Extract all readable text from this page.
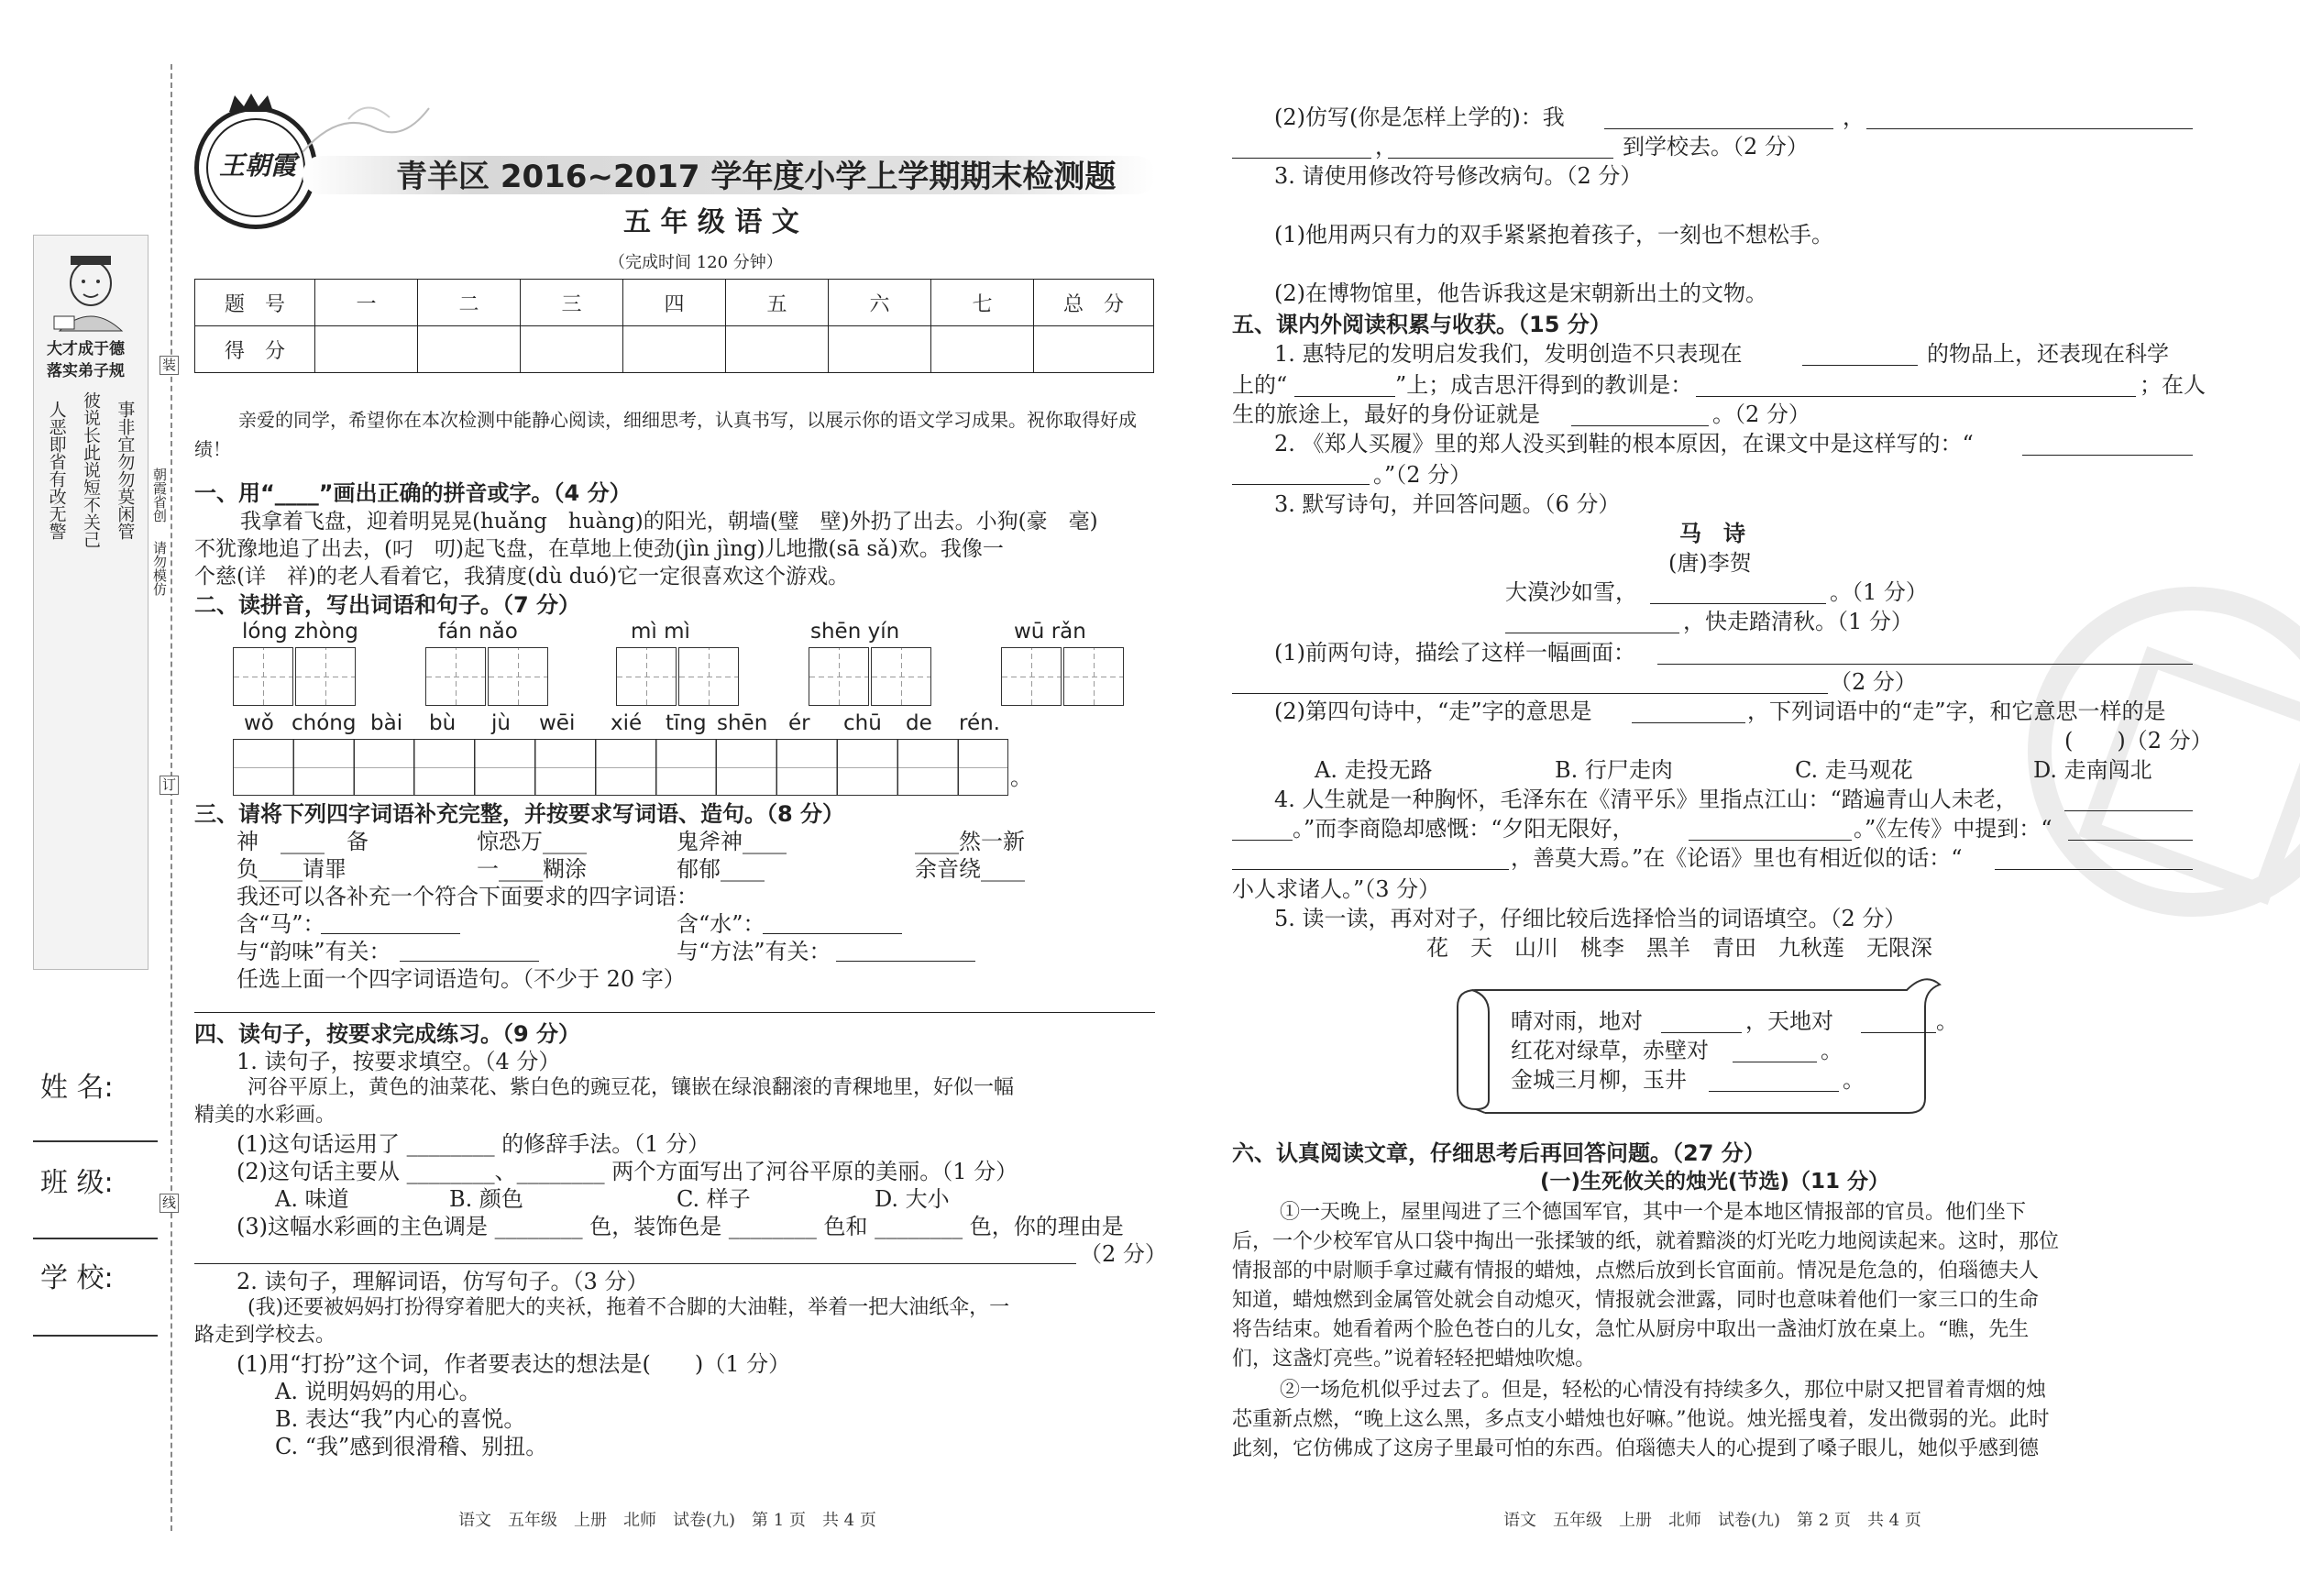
大才成于德
落实弟子规
人恶即省有改无警 彼说长此说短不关己 事非宜勿勿莫闲管 朝霞省创　 请勿模仿
装
订
线
姓 名:
班 级:
学 校:
王朝霞	青羊区 2016~2017 学年度小学上学期期末检测题
五 年 级 语 文
（完成时间 120 分钟）
题　号	一	二	三	四	五	六	七	总　分
得　分								
亲爱的同学，希望你在本次检测中能静心阅读，细细思考，认真书写，以展示你的语文学习成果。祝你取得好成绩！
一、用“____”画出正确的拼音或字。（4 分）
我拿着飞盘，迎着明晃晃(huǎng　huàng)的阳光，朝墙(璧　壁)外扔了出去。小狗(豪　毫)
不犹豫地追了出去，(叼　叨)起飞盘，在草地上使劲(jìn jìng)儿地撒(sā sǎ)欢。我像一
个慈(详　祥)的老人看着它，我猜度(dù duó)它一定很喜欢这个游戏。
二、读拼音，写出词语和句子。（7 分）
lóng zhòng	fán nǎo	mì mì	shēn yín	wū rǎn
wǒ chóng bài bù jù wēi xié tīng shēn ér chū de rén.
。
三、请将下列四字词语补充完整，并按要求写词语、造句。（8 分）
神　____　备	惊恐万____	鬼斧神____	____然一新
负____请罪	一____糊涂	郁郁____	余音绕____
我还可以各补充一个符合下面要求的四字词语：
含“马”：	含“水”：
与“韵味”有关：	与“方法”有关：
任选上面一个四字词语造句。（不少于 20 字）
四、读句子，按要求完成练习。（9 分）
1. 读句子，按要求填空。（4 分）
河谷平原上，黄色的油菜花、紫白色的豌豆花，镶嵌在绿浪翻滚的青稞地里，好似一幅
精美的水彩画。
(1)这句话运用了 ________ 的修辞手法。（1 分）
(2)这句话主要从 ________、________ 两个方面写出了河谷平原的美丽。（1 分）
A. 味道	B. 颜色	C. 样子	D. 大小
(3)这幅水彩画的主色调是 ________ 色，装饰色是 ________ 色和 ________ 色，你的理由是
（2 分）
2. 读句子，理解词语，仿写句子。（3 分）
(我)还要被妈妈打扮得穿着肥大的夹袄，拖着不合脚的大油鞋，举着一把大油纸伞，一
路走到学校去。
(1)用“打扮”这个词，作者要表达的想法是(　　)（1 分）
A. 说明妈妈的用心。
B. 表达“我”内心的喜悦。
C. “我”感到很滑稽、别扭。
语文　五年级　上册　北师　试卷(九)　第 1 页　共 4 页
(2)仿写(你是怎样上学的)：我	，
，	到学校去。（2 分）
3. 请使用修改符号修改病句。（2 分）
(1)他用两只有力的双手紧紧抱着孩子，一刻也不想松手。
(2)在博物馆里，他告诉我这是宋朝新出土的文物。
五、课内外阅读积累与收获。（15 分）
1. 惠特尼的发明启发我们，发明创造不只表现在	的物品上，还表现在科学
上的“	”上；成吉思汗得到的教训是：	；在人
生的旅途上，最好的身份证就是	。（2 分）
2. 《郑人买履》里的郑人没买到鞋的根本原因，在课文中是这样写的：“
。”（2 分）
3. 默写诗句，并回答问题。（6 分）
马　诗
(唐)李贺
大漠沙如雪，	。（1 分）
，快走踏清秋。（1 分）
(1)前两句诗，描绘了这样一幅画面：
（2 分）
(2)第四句诗中，“走”字的意思是	，下列词语中的“走”字，和它意思一样的是
(　　)（2 分）
A. 走投无路	B. 行尸走肉	C. 走马观花	D. 走南闯北
4. 人生就是一种胸怀，毛泽东在《清平乐》里指点江山：“踏遍青山人未老，
。”而李商隐却感慨：“夕阳无限好，	。”《左传》中提到：“
，善莫大焉。”在《论语》里也有相近似的话：“
小人求诸人。”（3 分）
5. 读一读，再对对子，仔细比较后选择恰当的词语填空。（2 分）
花　天　山川　桃李　黑羊　青田　九秋莲　无限深
晴对雨，地对	，天地对	。
红花对绿草，赤壁对	。
金城三月柳，玉井	。
六、认真阅读文章，仔细思考后再回答问题。（27 分）
(一)生死攸关的烛光(节选)（11 分）
①一天晚上，屋里闯进了三个德国军官，其中一个是本地区情报部的官员。他们坐下
后，一个少校军官从口袋中掏出一张揉皱的纸，就着黯淡的灯光吃力地阅读起来。这时，那位
情报部的中尉顺手拿过藏有情报的蜡烛，点燃后放到长官面前。情况是危急的，伯瑙德夫人
知道，蜡烛燃到金属管处就会自动熄灭，情报就会泄露，同时也意味着他们一家三口的生命
将告结束。她看着两个脸色苍白的儿女，急忙从厨房中取出一盏油灯放在桌上。“瞧，先生
们，这盏灯亮些。”说着轻轻把蜡烛吹熄。
②一场危机似乎过去了。但是，轻松的心情没有持续多久，那位中尉又把冒着青烟的烛
芯重新点燃，“晚上这么黑，多点支小蜡烛也好嘛。”他说。烛光摇曳着，发出微弱的光。此时
此刻，它仿佛成了这房子里最可怕的东西。伯瑙德夫人的心提到了嗓子眼儿，她似乎感到德
语文　五年级　上册　北师　试卷(九)　第 2 页　共 4 页
